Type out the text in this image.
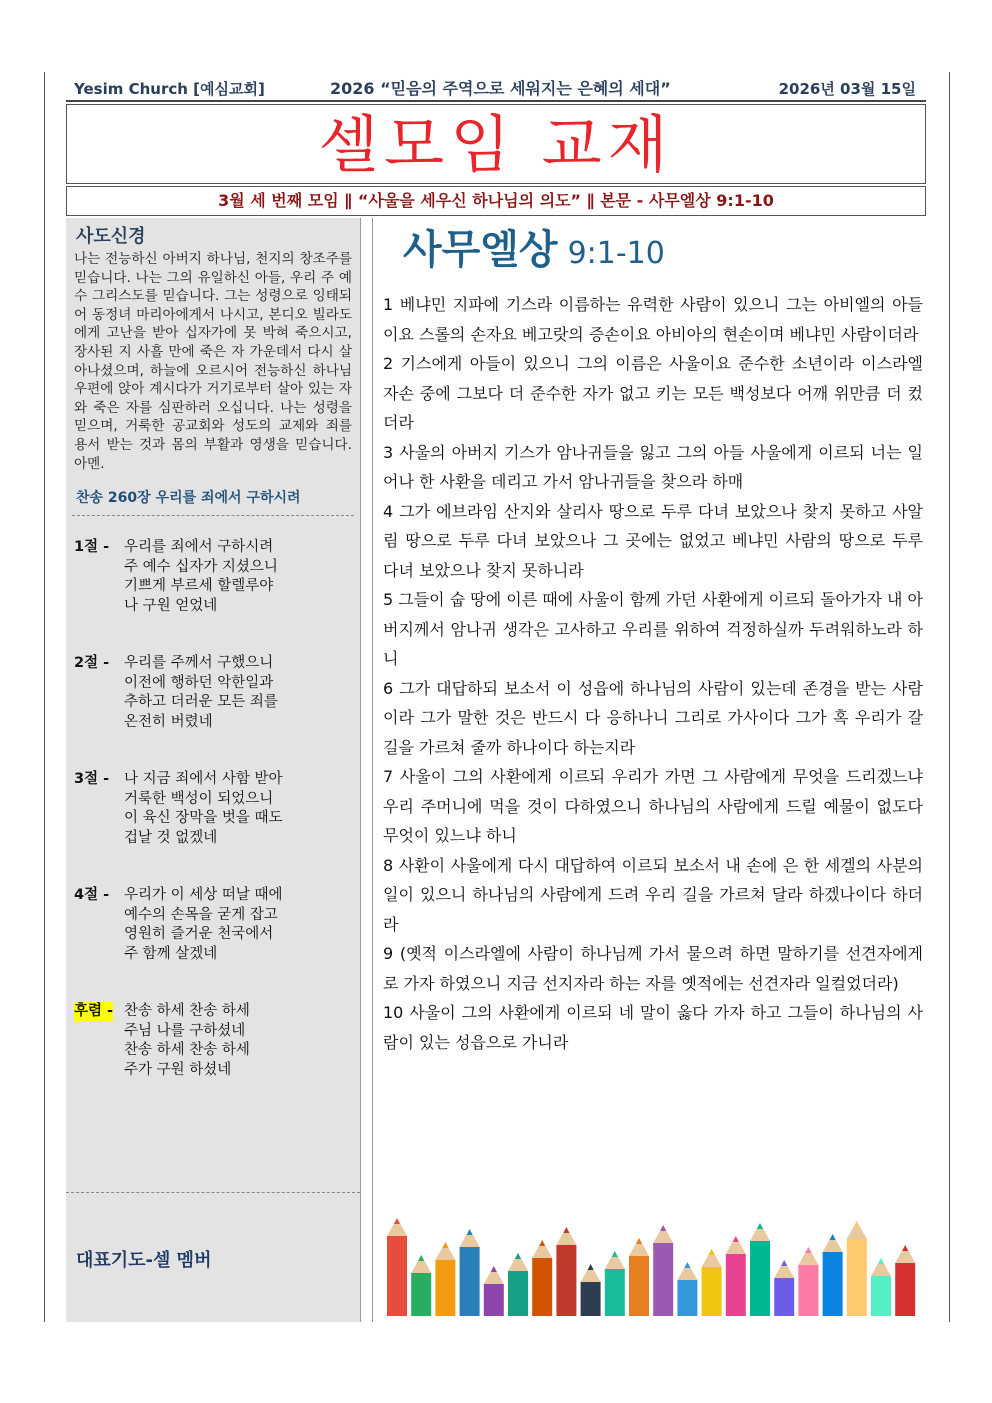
Yesim Church [예심교회]	2026 “믿음의 주역으로 세워지는 은혜의 세대”	2026년 03월 15일
셀모임 교재
3월 세 번째 모임 ∥ “사울을 세우신 하나님의 의도” ∥ 본문 - 사무엘상 9:1-10
사도신경
나는 전능하신 아버지 하나님, 천지의 창조주를 믿습니다. 나는 그의 유일하신 아들, 우리 주 예수 그리스도를 믿습니다. 그는 성령으로 잉태되어 동정녀 마리아에게서 나시고, 본디오 빌라도에게 고난을 받아 십자가에 못 박혀 죽으시고, 장사된 지 사흘 만에 죽은 자 가운데서 다시 살아나셨으며, 하늘에 오르시어 전능하신 하나님 우편에 앉아 계시다가 거기로부터 살아 있는 자와 죽은 자를 심판하러 오십니다. 나는 성령을 믿으며, 거룩한 공교회와 성도의 교제와 죄를 용서 받는 것과 몸의 부활과 영생을 믿습니다. 아멘.
찬송 260장 우리를 죄에서 구하시려
1절 - 우리를 죄에서 구하시려
주 예수 십자가 지셨으니
기쁘게 부르세 할렐루야
나 구원 얻었네
2절 - 우리를 주께서 구했으니
이전에 행하던 악한일과
추하고 더러운 모든 죄를
온전히 버렸네
3절 - 나 지금 죄에서 사함 받아
거룩한 백성이 되었으니
이 육신 장막을 벗을 때도
겁날 것 없겠네
4절 - 우리가 이 세상 떠날 때에
예수의 손목을 굳게 잡고
영원히 즐거운 천국에서
주 함께 살겠네
후렴 - 찬송 하세 찬송 하세
주님 나를 구하셨네
찬송 하세 찬송 하세
주가 구원 하셨네
대표기도-셀 멤버
사무엘상 9:1-10
1 베냐민 지파에 기스라 이름하는 유력한 사람이 있으니 그는 아비엘의 아들이요 스롤의 손자요 베고랏의 증손이요 아비아의 현손이며 베냐민 사람이더라
2 기스에게 아들이 있으니 그의 이름은 사울이요 준수한 소년이라 이스라엘 자손 중에 그보다 더 준수한 자가 없고 키는 모든 백성보다 어깨 위만큼 더 컸더라
3 사울의 아버지 기스가 암나귀들을 잃고 그의 아들 사울에게 이르되 너는 일어나 한 사환을 데리고 가서 암나귀들을 찾으라 하매
4 그가 에브라임 산지와 살리사 땅으로 두루 다녀 보았으나 찾지 못하고 사알림 땅으로 두루 다녀 보았으나 그 곳에는 없었고 베냐민 사람의 땅으로 두루 다녀 보았으나 찾지 못하니라
5 그들이 숩 땅에 이른 때에 사울이 함께 가던 사환에게 이르되 돌아가자 내 아버지께서 암나귀 생각은 고사하고 우리를 위하여 걱정하실까 두려워하노라 하니
6 그가 대답하되 보소서 이 성읍에 하나님의 사람이 있는데 존경을 받는 사람이라 그가 말한 것은 반드시 다 응하나니 그리로 가사이다 그가 혹 우리가 갈 길을 가르쳐 줄까 하나이다 하는지라
7 사울이 그의 사환에게 이르되 우리가 가면 그 사람에게 무엇을 드리겠느냐 우리 주머니에 먹을 것이 다하였으니 하나님의 사람에게 드릴 예물이 없도다 무엇이 있느냐 하니
8 사환이 사울에게 다시 대답하여 이르되 보소서 내 손에 은 한 세겔의 사분의 일이 있으니 하나님의 사람에게 드려 우리 길을 가르쳐 달라 하겠나이다 하더라
9 (옛적 이스라엘에 사람이 하나님께 가서 물으려 하면 말하기를 선견자에게로 가자 하였으니 지금 선지자라 하는 자를 옛적에는 선견자라 일컬었더라)
10 사울이 그의 사환에게 이르되 네 말이 옳다 가자 하고 그들이 하나님의 사람이 있는 성읍으로 가니라
